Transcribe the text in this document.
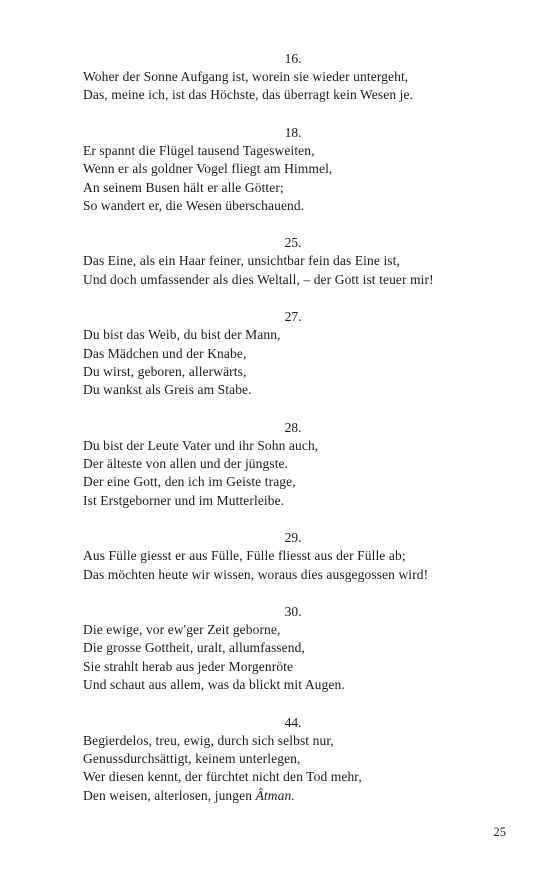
16.
Woher der Sonne Aufgang ist, worein sie wieder untergeht,
Das, meine ich, ist das Höchste, das überragt kein Wesen je.
18.
Er spannt die Flügel tausend Tagesweiten,
Wenn er als goldner Vogel fliegt am Himmel,
An seinem Busen hält er alle Götter;
So wandert er, die Wesen überschauend.
25.
Das Eine, als ein Haar feiner, unsichtbar fein das Eine ist,
Und doch umfassender als dies Weltall, – der Gott ist teuer mir!
27.
Du bist das Weib, du bist der Mann,
Das Mädchen und der Knabe,
Du wirst, geboren, allerwärts,
Du wankst als Greis am Stabe.
28.
Du bist der Leute Vater und ihr Sohn auch,
Der älteste von allen und der jüngste.
Der eine Gott, den ich im Geiste trage,
Ist Erstgeborner und im Mutterleibe.
29.
Aus Fülle giesst er aus Fülle, Fülle fliesst aus der Fülle ab;
Das möchten heute wir wissen, woraus dies ausgegossen wird!
30.
Die ewige, vor ew'ger Zeit geborne,
Die grosse Gottheit, uralt, allumfassend,
Sie strahlt herab aus jeder Morgenröte
Und schaut aus allem, was da blickt mit Augen.
44.
Begierdelos, treu, ewig, durch sich selbst nur,
Genussdurchsättigt, keinem unterlegen,
Wer diesen kennt, der fürchtet nicht den Tod mehr,
Den weisen, alterlosen, jungen Âtman.
25
